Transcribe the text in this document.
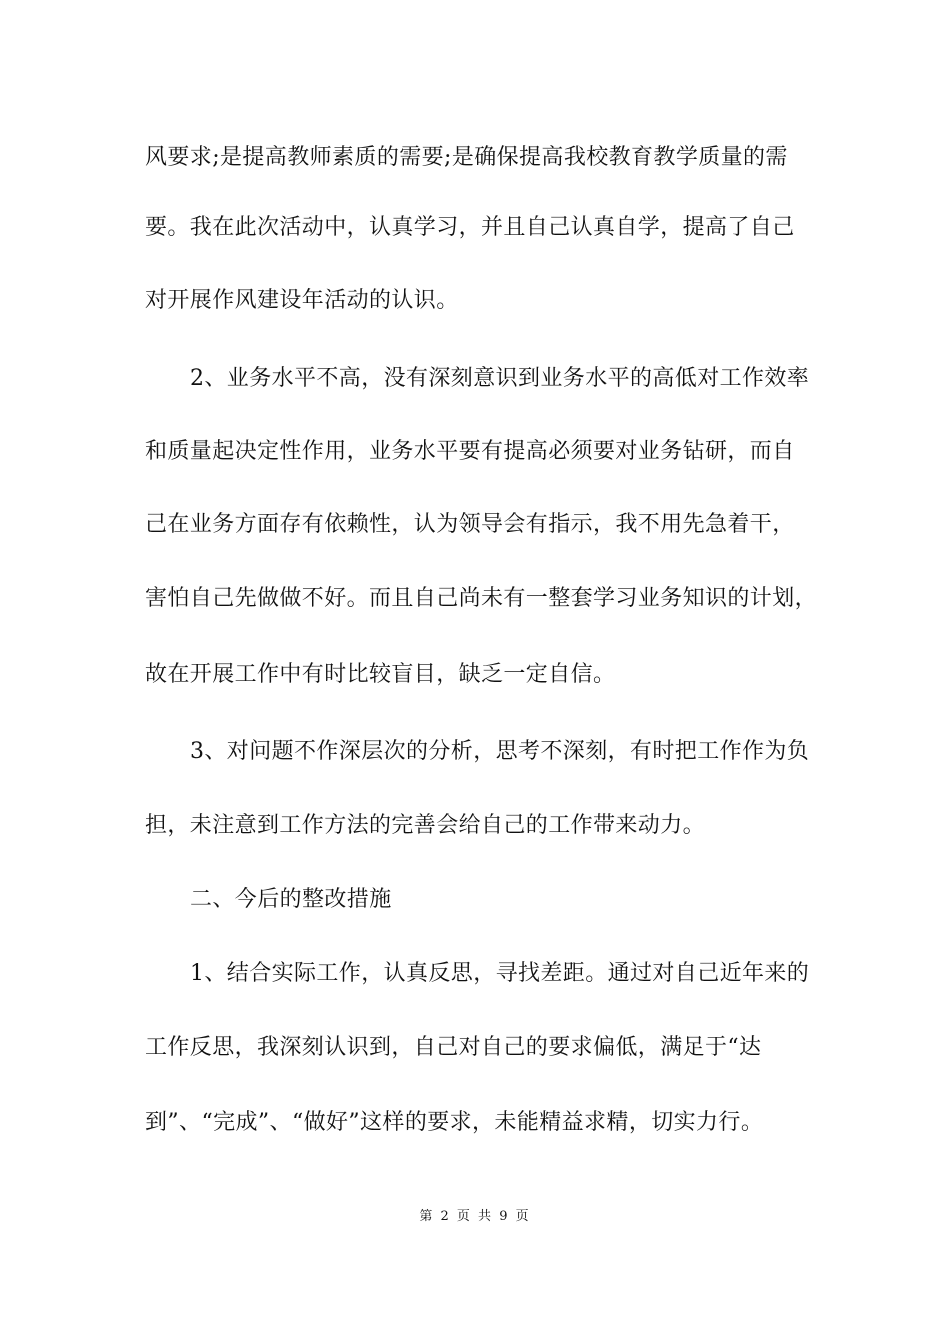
风要求;是提高教师素质的需要;是确保提高我校教育教学质量的需
要。我在此次活动中，认真学习，并且自己认真自学，提高了自己
对开展作风建设年活动的认识。
2、业务水平不高，没有深刻意识到业务水平的高低对工作效率
和质量起决定性作用，业务水平要有提高必须要对业务钻研，而自
己在业务方面存有依赖性，认为领导会有指示，我不用先急着干，
害怕自己先做做不好。而且自己尚未有一整套学习业务知识的计划，
故在开展工作中有时比较盲目，缺乏一定自信。
3、对问题不作深层次的分析，思考不深刻，有时把工作作为负
担，未注意到工作方法的完善会给自己的工作带来动力。
二、今后的整改措施
1、结合实际工作，认真反思，寻找差距。通过对自己近年来的
工作反思，我深刻认识到，自己对自己的要求偏低，满足于“达
到”、“完成”、“做好”这样的要求，未能精益求精，切实力行。
第 2 页 共 9 页
